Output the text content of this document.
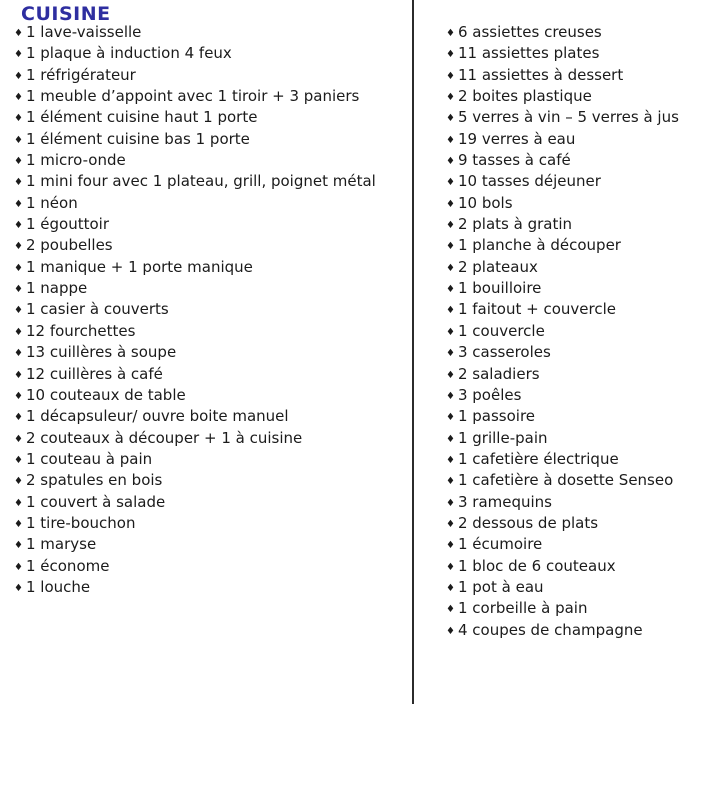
CUISINE
♦ 1 lave-vaisselle
♦ 1 plaque à induction 4 feux
♦ 1 réfrigérateur
♦ 1 meuble d’appoint avec 1 tiroir + 3 paniers
♦ 1 élément cuisine haut 1 porte
♦ 1 élément cuisine bas 1 porte
♦ 1 micro-onde
♦ 1 mini four avec 1 plateau, grill, poignet métal
♦ 1 néon
♦ 1 égouttoir
♦ 2 poubelles
♦ 1 manique + 1 porte manique
♦ 1 nappe
♦ 1 casier à couverts
♦ 12 fourchettes
♦ 13 cuillères à soupe
♦ 12 cuillères à café
♦ 10 couteaux de table
♦ 1 décapsuleur/ ouvre boite manuel
♦ 2 couteaux à découper + 1 à cuisine
♦ 1 couteau à pain
♦ 2 spatules en bois
♦ 1 couvert à salade
♦ 1 tire-bouchon
♦ 1 maryse
♦ 1 économe
♦ 1 louche
♦ 6 assiettes creuses
♦ 11 assiettes plates
♦ 11 assiettes à dessert
♦ 2 boites plastique
♦ 5 verres à vin – 5 verres à jus
♦ 19 verres à eau
♦ 9 tasses à café
♦ 10 tasses déjeuner
♦ 10 bols
♦ 2 plats à gratin
♦ 1 planche à découper
♦ 2 plateaux
♦ 1 bouilloire
♦ 1 faitout + couvercle
♦ 1 couvercle
♦ 3 casseroles
♦ 2 saladiers
♦ 3 poêles
♦ 1 passoire
♦ 1 grille-pain
♦ 1 cafetière électrique
♦ 1 cafetière à dosette Senseo
♦ 3 ramequins
♦ 2 dessous de plats
♦ 1 écumoire
♦ 1 bloc de 6 couteaux
♦ 1 pot à eau
♦ 1 corbeille à pain
♦ 4 coupes de champagne
